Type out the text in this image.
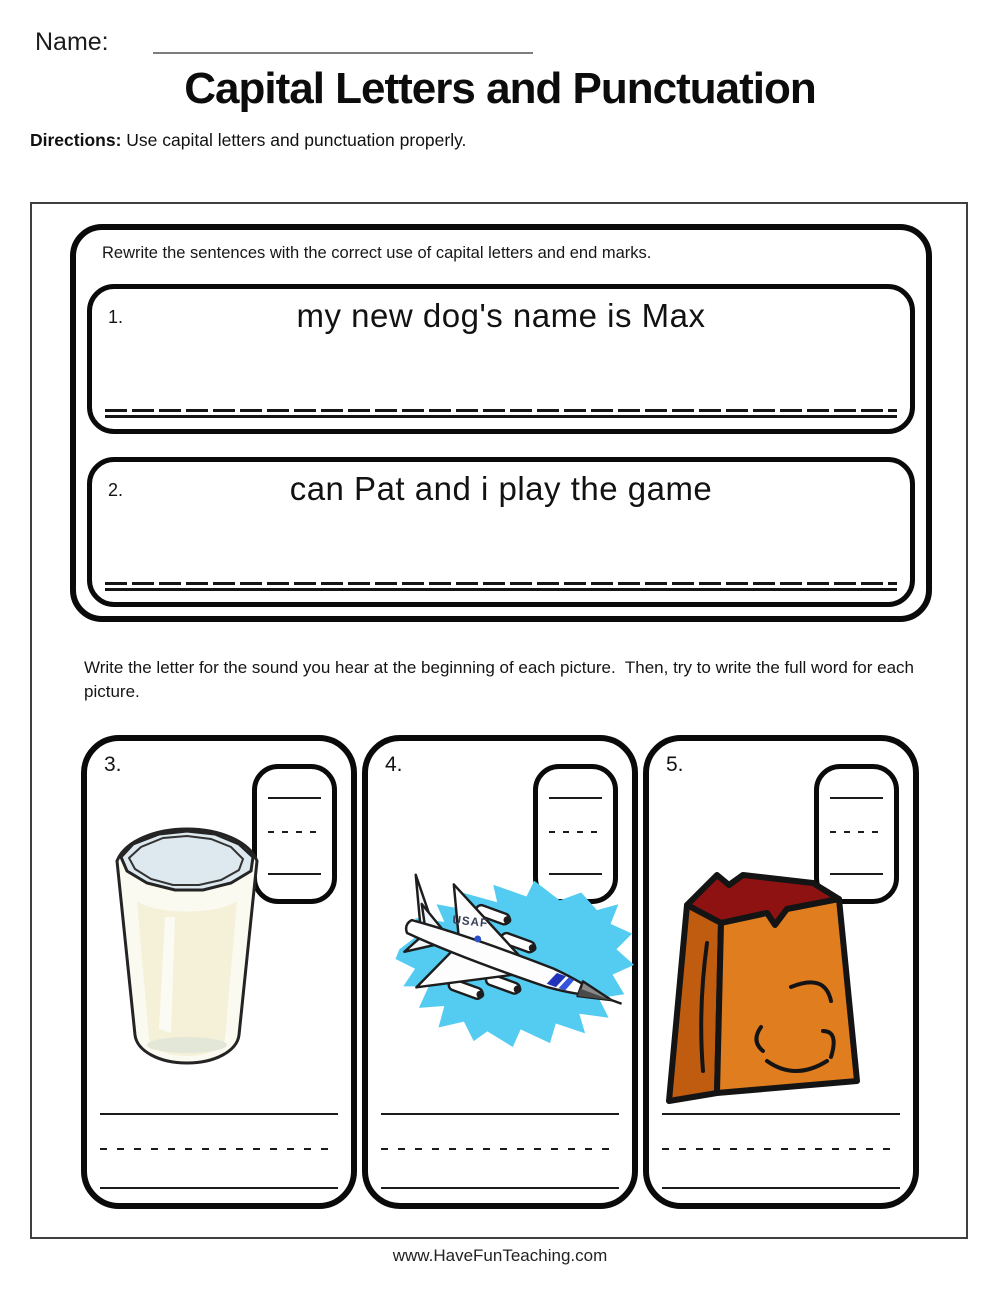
Name:
Capital Letters and Punctuation
Directions: Use capital letters and punctuation properly.
Rewrite the sentences with the correct use of capital letters and end marks.
1.	my new dog's name is Max
2.	can Pat and i play the game
Write the letter for the sound you hear at the beginning of each picture.  Then, try to write the full word for each picture.
3.	4.
USAF
5.
www.HaveFunTeaching.com
